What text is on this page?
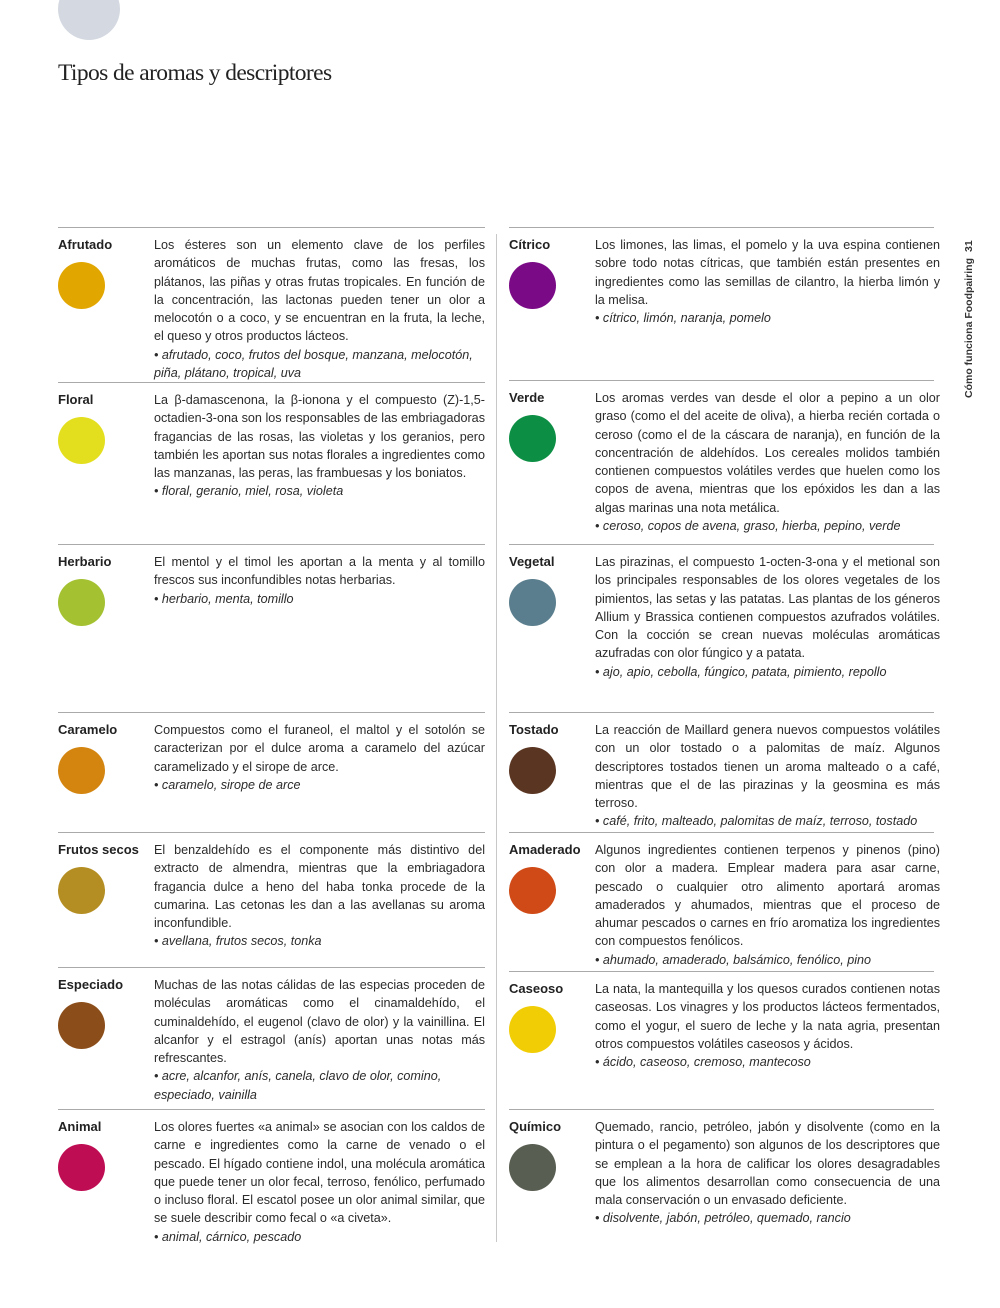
Tipos de aromas y descriptores
Cómo funciona Foodpairing31
Afrutado	Los ésteres son un elemento clave de los perfiles aromáticos de muchas frutas, como las fresas, los plátanos, las piñas y otras frutas tropicales. En función de la concentración, las lactonas pueden tener un olor a melocotón o a coco, y se encuentran en la fruta, la leche, el queso y otros productos lácteos.

• afrutado, coco, frutos del bosque, manzana, melocotón, piña, plátano, tropical, uva

Floral	La β-damascenona, la β-ionona y el compuesto (Z)-1,5-octadien-3-ona son los responsables de las embriagadoras fragancias de las rosas, las violetas y los geranios, pero también les aportan sus notas florales a ingredientes como las manzanas, las peras, las frambuesas y los boniatos.

• floral, geranio, miel, rosa, violeta

Herbario	El mentol y el timol les aportan a la menta y al tomillo frescos sus inconfundibles notas herbarias.

• herbario, menta, tomillo

Caramelo	Compuestos como el furaneol, el maltol y el sotolón se caracterizan por el dulce aroma a caramelo del azúcar caramelizado y el sirope de arce.

• caramelo, sirope de arce

Frutos secos El benzaldehído es el componente más distintivo del extracto de almendra, mientras que la embriagadora fragancia dulce a heno del haba tonka procede de la cumarina. Las cetonas les dan a las avellanas su aroma inconfundible.

• avellana, frutos secos, tonka

Especiado Muchas de las notas cálidas de las especias proceden de moléculas aromáticas como el cinamaldehído, el cuminaldehído, el eugenol (clavo de olor) y la vainillina. El alcanfor y el estragol (anís) aportan unas notas más refrescantes.

• acre, alcanfor, anís, canela, clavo de olor, comino, especiado, vainilla

Animal	Los olores fuertes «a animal» se asocian con los caldos de carne e ingredientes como la carne de venado o el pescado. El hígado contiene indol, una molécula aromática que puede tener un olor fecal, terroso, fenólico, perfumado o incluso floral. El escatol posee un olor animal similar, que se suele describir como fecal o «a civeta».

• animal, cárnico, pescado

Cítrico	Los limones, las limas, el pomelo y la uva espina contienen sobre todo notas cítricas, que también están presentes en ingredientes como las semillas de cilantro, la hierba limón y la melisa.

• cítrico, limón, naranja, pomelo

Verde	Los aromas verdes van desde el olor a pepino a un olor graso (como el del aceite de oliva), a hierba recién cortada o ceroso (como el de la cáscara de naranja), en función de la concentración de aldehídos. Los cereales molidos también contienen compuestos volátiles verdes que huelen como los copos de avena, mientras que los epóxidos les dan a las algas marinas una nota metálica.

• ceroso, copos de avena, graso, hierba, pepino, verde

Vegetal	Las pirazinas, el compuesto 1-octen-3-ona y el metional son los principales responsables de los olores vegetales de los pimientos, las setas y las patatas. Las plantas de los géneros Allium y Brassica contienen compuestos azufrados volátiles. Con la cocción se crean nuevas moléculas aromáticas azufradas con olor fúngico y a patata.

• ajo, apio, cebolla, fúngico, patata, pimiento, repollo

Tostado	La reacción de Maillard genera nuevos compuestos volátiles con un olor tostado o a palomitas de maíz. Algunos descriptores tostados tienen un aroma malteado o a café, mientras que el de las pirazinas y la geosmina es más terroso.

• café, frito, malteado, palomitas de maíz, terroso, tostado

Amaderado Algunos ingredientes contienen terpenos y pinenos (pino) con olor a madera. Emplear madera para asar carne, pescado o cualquier otro alimento aportará aromas amaderados y ahumados, mientras que el proceso de ahumar pescados o carnes en frío aromatiza los ingredientes con compuestos fenólicos.

• ahumado, amaderado, balsámico, fenólico, pino

Caseoso	La nata, la mantequilla y los quesos curados contienen notas caseosas. Los vinagres y los productos lácteos fermentados, como el yogur, el suero de leche y la nata agria, presentan otros compuestos volátiles caseosos y ácidos.

• ácido, caseoso, cremoso, mantecoso

Químico	Quemado, rancio, petróleo, jabón y disolvente (como en la pintura o el pegamento) son algunos de los descriptores que se emplean a la hora de calificar los olores desagradables que los alimentos desarrollan como consecuencia de una mala conservación o un envasado deficiente.

• disolvente, jabón, petróleo, quemado, rancio
